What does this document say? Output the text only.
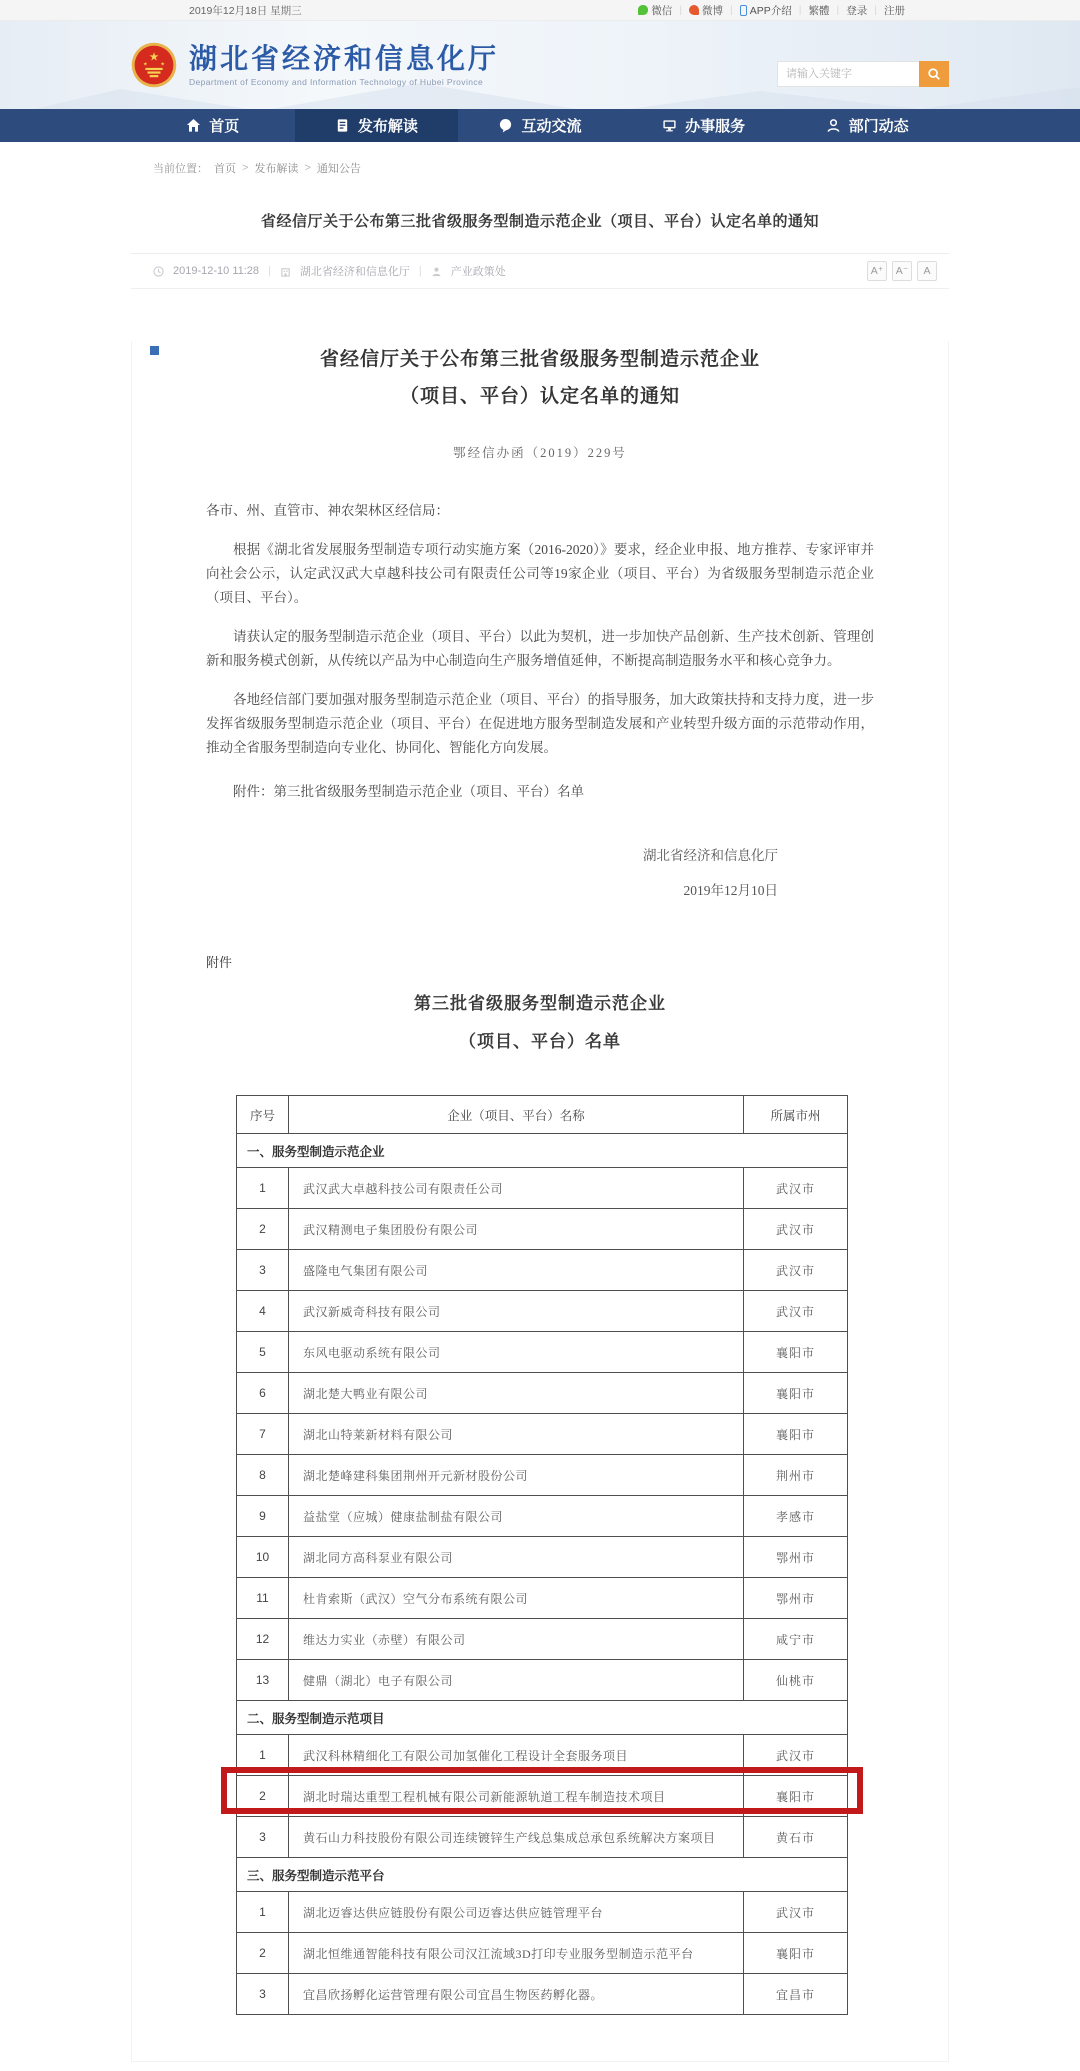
2019年12月18日 星期三	微信 | 微博 | APP介绍 | 繁體 | 登录 | 注册
★
★ ★ 湖北省经济和信息化厅
Department of Economy and Information Technology of Hubei Province
请输入关键字
首页	发布解读	互动交流	办事服务	部门动态
当前位置： 首页 > 发布解读 > 通知公告
省经信厅关于公布第三批省级服务型制造示范企业（项目、平台）认定名单的通知
2019-12-10 11:28 |	湖北省经济和信息化厅 |	产业政策处	A⁺	A⁻	A
省经信厅关于公布第三批省级服务型制造示范企业
（项目、平台）认定名单的通知
鄂经信办函（2019）229号

各市、州、直管市、神农架林区经信局：

根据《湖北省发展服务型制造专项行动实施方案（2016-2020）》要求，经企业申报、地方推荐、专家评审并向社会公示，认定武汉武大卓越科技公司有限责任公司等19家企业（项目、平台）为省级服务型制造示范企业（项目、平台）。

请获认定的服务型制造示范企业（项目、平台）以此为契机，进一步加快产品创新、生产技术创新、管理创新和服务模式创新，从传统以产品为中心制造向生产服务增值延伸，不断提高制造服务水平和核心竞争力。

各地经信部门要加强对服务型制造示范企业（项目、平台）的指导服务，加大政策扶持和支持力度，进一步发挥省级服务型制造示范企业（项目、平台）在促进地方服务型制造发展和产业转型升级方面的示范带动作用，推动全省服务型制造向专业化、协同化、智能化方向发展。

附件：第三批省级服务型制造示范企业（项目、平台）名单

湖北省经济和信息化厅
2019年12月10日
附件
第三批省级服务型制造示范企业
（项目、平台）名单
序号	企业（项目、平台）名称	所属市州
一、服务型制造示范企业		
1	武汉武大卓越科技公司有限责任公司	武汉市
2	武汉精测电子集团股份有限公司	武汉市
3	盛隆电气集团有限公司	武汉市
4	武汉新威奇科技有限公司	武汉市
5	东风电驱动系统有限公司	襄阳市
6	湖北楚大鸭业有限公司	襄阳市
7	湖北山特莱新材料有限公司	襄阳市
8	湖北楚峰建科集团荆州开元新材股份公司	荆州市
9	益盐堂（应城）健康盐制盐有限公司	孝感市
10	湖北同方高科泵业有限公司	鄂州市
11	杜肯索斯（武汉）空气分布系统有限公司	鄂州市
12	维达力实业（赤壁）有限公司	咸宁市
13	健鼎（湖北）电子有限公司	仙桃市
二、服务型制造示范项目		
1	武汉科林精细化工有限公司加氢催化工程设计全套服务项目	武汉市
2	湖北时瑞达重型工程机械有限公司新能源轨道工程车制造技术项目	襄阳市
3	黄石山力科技股份有限公司连续镀锌生产线总集成总承包系统解决方案项目	黄石市
三、服务型制造示范平台		
1	湖北迈睿达供应链股份有限公司迈睿达供应链管理平台	武汉市
2	湖北恒维通智能科技有限公司汉江流域3D打印专业服务型制造示范平台	襄阳市
3	宜昌欣扬孵化运营管理有限公司宜昌生物医药孵化器。	宜昌市
